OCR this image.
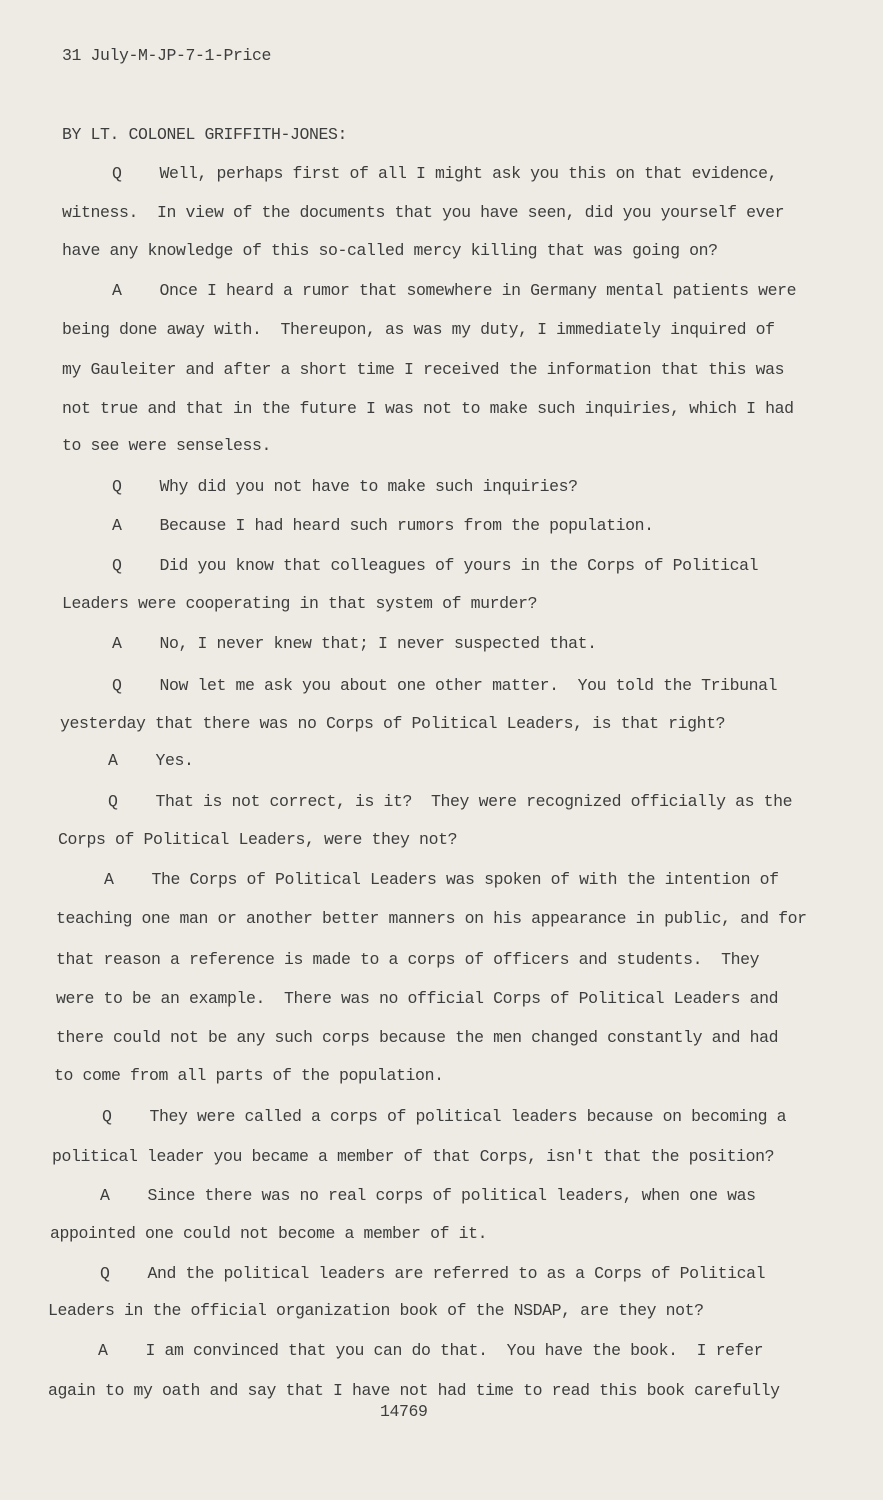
31 July-M-JP-7-1-Price
BY LT. COLONEL GRIFFITH-JONES:
Q    Well, perhaps first of all I might ask you this on that evidence,
witness.  In view of the documents that you have seen, did you yourself ever
have any knowledge of this so-called mercy killing that was going on?
A    Once I heard a rumor that somewhere in Germany mental patients were
being done away with.  Thereupon, as was my duty, I immediately inquired of
my Gauleiter and after a short time I received the information that this was
not true and that in the future I was not to make such inquiries, which I had
to see were senseless.
Q    Why did you not have to make such inquiries?
A    Because I had heard such rumors from the population.
Q    Did you know that colleagues of yours in the Corps of Political
Leaders were cooperating in that system of murder?
A    No, I never knew that; I never suspected that.
Q    Now let me ask you about one other matter.  You told the Tribunal
yesterday that there was no Corps of Political Leaders, is that right?
A    Yes.
Q    That is not correct, is it?  They were recognized officially as the
Corps of Political Leaders, were they not?
A    The Corps of Political Leaders was spoken of with the intention of
teaching one man or another better manners on his appearance in public, and for
that reason a reference is made to a corps of officers and students.  They
were to be an example.  There was no official Corps of Political Leaders and
there could not be any such corps because the men changed constantly and had
to come from all parts of the population.
Q    They were called a corps of political leaders because on becoming a
political leader you became a member of that Corps, isn't that the position?
A    Since there was no real corps of political leaders, when one was
appointed one could not become a member of it.
Q    And the political leaders are referred to as a Corps of Political
Leaders in the official organization book of the NSDAP, are they not?
A    I am convinced that you can do that.  You have the book.  I refer
again to my oath and say that I have not had time to read this book carefully
14769
